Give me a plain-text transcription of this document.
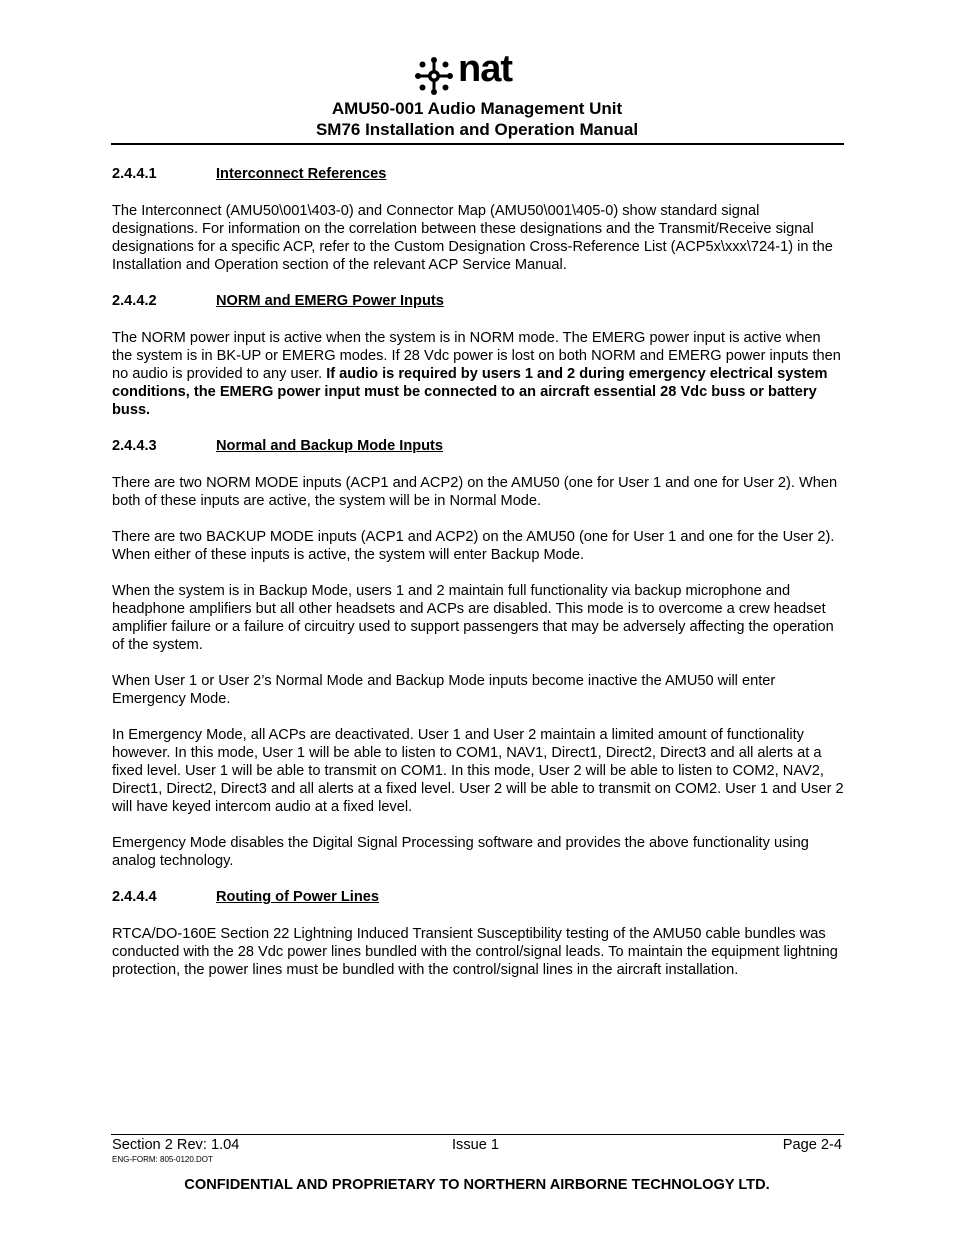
nat
AMU50-001 Audio Management Unit
SM76 Installation and Operation Manual
2.4.4.1	Interconnect References

The Interconnect (AMU50\001\403-0) and Connector Map (AMU50\001\405-0) show standard signal designations. For information on the correlation between these designations and the Transmit/Receive signal designations for a specific ACP, refer to the Custom Designation Cross-Reference List (ACP5x\xxx\724-1) in the Installation and Operation section of the relevant ACP Service Manual.

2.4.4.2	NORM and EMERG Power Inputs

The NORM power input is active when the system is in NORM mode. The EMERG power input is active when the system is in BK-UP or EMERG modes. If 28 Vdc power is lost on both NORM and EMERG power inputs then no audio is provided to any user. If audio is required by users 1 and 2 during emergency electrical system conditions, the EMERG power input must be connected to an aircraft essential 28 Vdc buss or battery buss.

2.4.4.3	Normal and Backup Mode Inputs

There are two NORM MODE inputs (ACP1 and ACP2) on the AMU50 (one for User 1 and one for User 2). When both of these inputs are active, the system will be in Normal Mode.

There are two BACKUP MODE inputs (ACP1 and ACP2) on the AMU50 (one for User 1 and one for the User 2). When either of these inputs is active, the system will enter Backup Mode.

When the system is in Backup Mode, users 1 and 2 maintain full functionality via backup microphone and headphone amplifiers but all other headsets and ACPs are disabled. This mode is to overcome a crew headset amplifier failure or a failure of circuitry used to support passengers that may be adversely affecting the operation of the system.

When User 1 or User 2’s Normal Mode and Backup Mode inputs become inactive the AMU50 will enter Emergency Mode.

In Emergency Mode, all ACPs are deactivated. User 1 and User 2 maintain a limited amount of functionality however. In this mode, User 1 will be able to listen to COM1, NAV1, Direct1, Direct2, Direct3 and all alerts at a fixed level. User 1 will be able to transmit on COM1. In this mode, User 2 will be able to listen to COM2, NAV2, Direct1, Direct2, Direct3 and all alerts at a fixed level. User 2 will be able to transmit on COM2. User 1 and User 2 will have keyed intercom audio at a fixed level.

Emergency Mode disables the Digital Signal Processing software and provides the above functionality using analog technology.

2.4.4.4	Routing of Power Lines

RTCA/DO-160E Section 22 Lightning Induced Transient Susceptibility testing of the AMU50 cable bundles was conducted with the 28 Vdc power lines bundled with the control/signal leads. To maintain the equipment lightning protection, the power lines must be bundled with the control/signal lines in the aircraft installation.

Section 2 Rev: 1.04	Issue 1	Page 2-4
ENG-FORM: 805-0120.DOT
CONFIDENTIAL AND PROPRIETARY TO NORTHERN AIRBORNE TECHNOLOGY LTD.
